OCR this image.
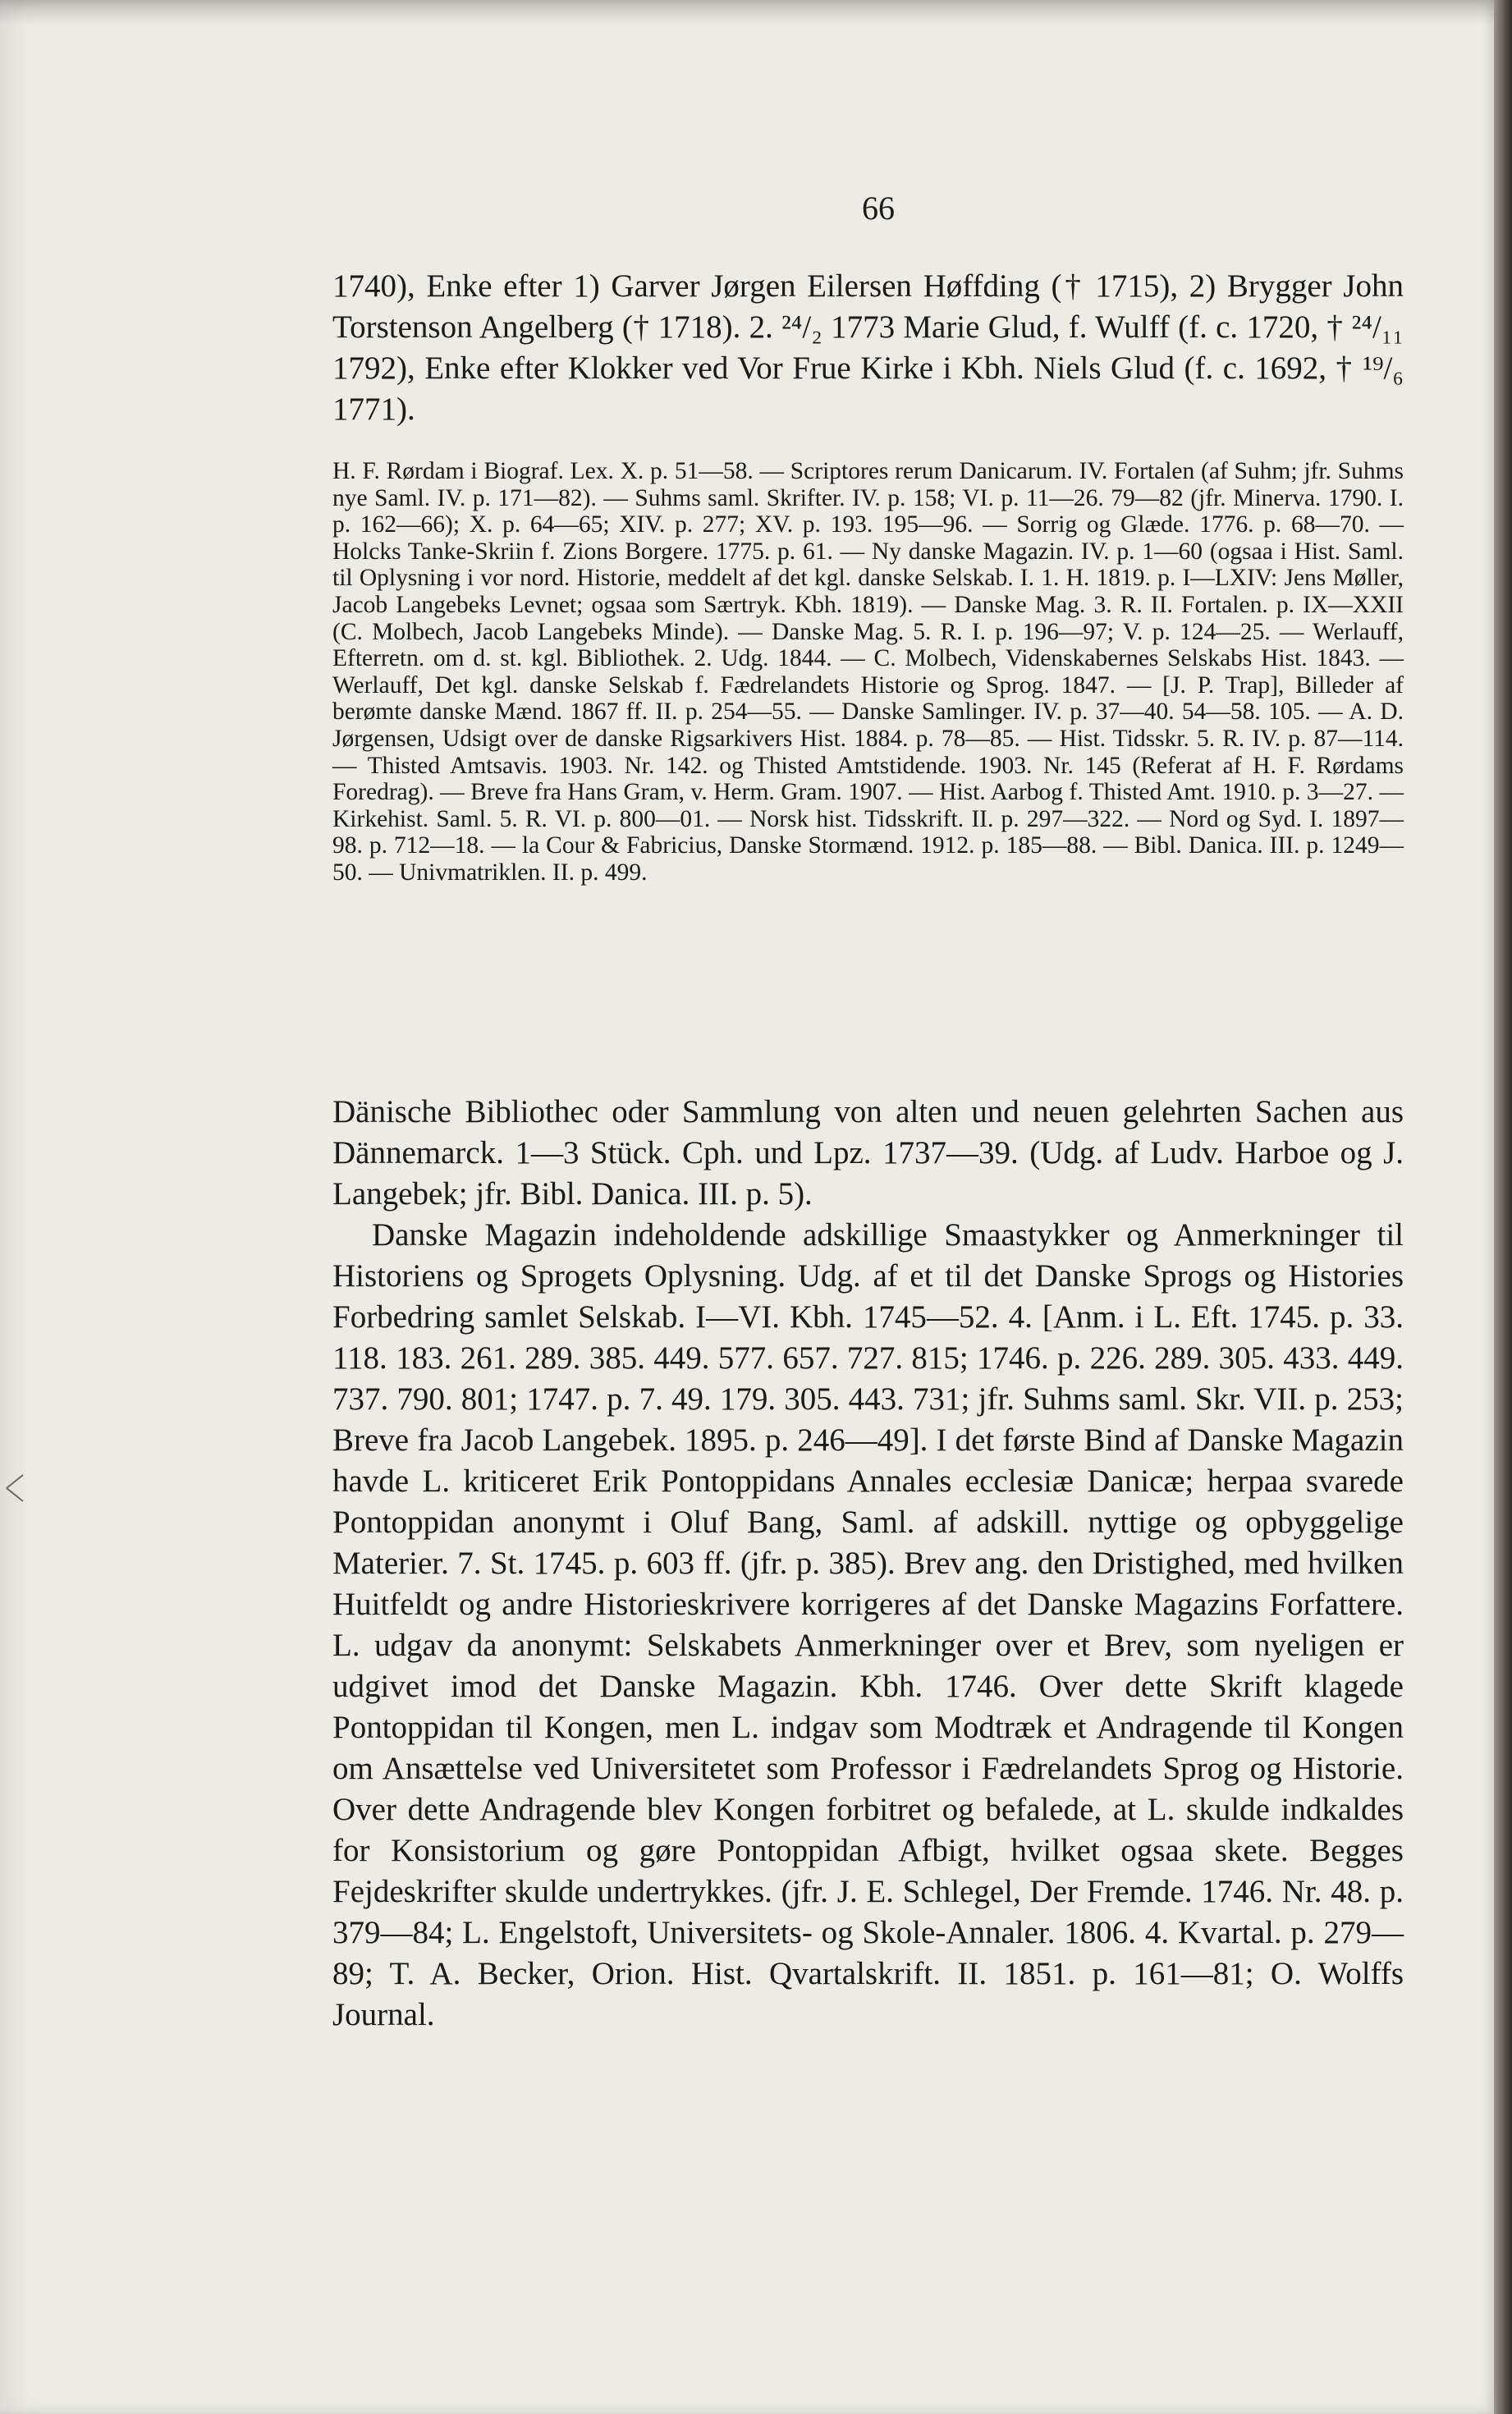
66

1740), Enke efter 1) Garver Jørgen Eilersen Høffding († 1715), 2) Brygger John Torstenson Angelberg († 1718). 2. ²⁴/₂ 1773 Marie Glud, f. Wulff (f. c. 1720, † ²⁴/₁₁ 1792), Enke efter Klokker ved Vor Frue Kirke i Kbh. Niels Glud (f. c. 1692, † ¹⁹/₆ 1771).

H. F. Rørdam i Biograf. Lex. X. p. 51—58. — Scriptores rerum Danicarum. IV. Fortalen (af Suhm; jfr. Suhms nye Saml. IV. p. 171—82). — Suhms saml. Skrifter. IV. p. 158; VI. p. 11—26. 79—82 (jfr. Minerva. 1790. I. p. 162—66); X. p. 64—65; XIV. p. 277; XV. p. 193. 195—96. — Sorrig og Glæde. 1776. p. 68—70. — Holcks Tanke-Skriin f. Zions Borgere. 1775. p. 61. — Ny danske Magazin. IV. p. 1—60 (ogsaa i Hist. Saml. til Oplysning i vor nord. Historie, meddelt af det kgl. danske Selskab. I. 1. H. 1819. p. I—LXIV: Jens Møller, Jacob Langebeks Levnet; ogsaa som Særtryk. Kbh. 1819). — Danske Mag. 3. R. II. Fortalen. p. IX—XXII (C. Molbech, Jacob Langebeks Minde). — Danske Mag. 5. R. I. p. 196—97; V. p. 124—25. — Werlauff, Efterretn. om d. st. kgl. Bibliothek. 2. Udg. 1844. — C. Molbech, Videnskabernes Selskabs Hist. 1843. — Werlauff, Det kgl. danske Selskab f. Fædrelandets Historie og Sprog. 1847. — [J. P. Trap], Billeder af berømte danske Mænd. 1867 ff. II. p. 254—55. — Danske Samlinger. IV. p. 37—40. 54—58. 105. — A. D. Jørgensen, Udsigt over de danske Rigsarkivers Hist. 1884. p. 78—85. — Hist. Tidsskr. 5. R. IV. p. 87—114. — Thisted Amtsavis. 1903. Nr. 142. og Thisted Amtstidende. 1903. Nr. 145 (Referat af H. F. Rørdams Foredrag). — Breve fra Hans Gram, v. Herm. Gram. 1907. — Hist. Aarbog f. Thisted Amt. 1910. p. 3—27. — Kirkehist. Saml. 5. R. VI. p. 800—01. — Norsk hist. Tidsskrift. II. p. 297—322. — Nord og Syd. I. 1897—98. p. 712—18. — la Cour & Fabricius, Danske Stormænd. 1912. p. 185—88. — Bibl. Danica. III. p. 1249—50. — Univmatriklen. II. p. 499.

Dänische Bibliothec oder Sammlung von alten und neuen gelehrten Sachen aus Dännemarck. 1—3 Stück. Cph. und Lpz. 1737—39. (Udg. af Ludv. Harboe og J. Langebek; jfr. Bibl. Danica. III. p. 5).

Danske Magazin indeholdende adskillige Smaastykker og Anmerkninger til Historiens og Sprogets Oplysning. Udg. af et til det Danske Sprogs og Histories Forbedring samlet Selskab. I—VI. Kbh. 1745—52. 4. [Anm. i L. Eft. 1745. p. 33. 118. 183. 261. 289. 385. 449. 577. 657. 727. 815; 1746. p. 226. 289. 305. 433. 449. 737. 790. 801; 1747. p. 7. 49. 179. 305. 443. 731; jfr. Suhms saml. Skr. VII. p. 253; Breve fra Jacob Langebek. 1895. p. 246—49]. I det første Bind af Danske Magazin havde L. kriticeret Erik Pontoppidans Annales ecclesiæ Danicæ; herpaa svarede Pontoppidan anonymt i Oluf Bang, Saml. af adskill. nyttige og opbyggelige Materier. 7. St. 1745. p. 603 ff. (jfr. p. 385). Brev ang. den Dristighed, med hvilken Huitfeldt og andre Historieskrivere korrigeres af det Danske Magazins Forfattere. L. udgav da anonymt: Selskabets Anmerkninger over et Brev, som nyeligen er udgivet imod det Danske Magazin. Kbh. 1746. Over dette Skrift klagede Pontoppidan til Kongen, men L. indgav som Modtræk et Andragende til Kongen om Ansættelse ved Universitetet som Professor i Fædrelandets Sprog og Historie. Over dette Andragende blev Kongen forbitret og befalede, at L. skulde indkaldes for Konsistorium og gøre Pontoppidan Afbigt, hvilket ogsaa skete. Begges Fejdeskrifter skulde undertrykkes. (jfr. J. E. Schlegel, Der Fremde. 1746. Nr. 48. p. 379—84; L. Engelstoft, Universitets- og Skole-Annaler. 1806. 4. Kvartal. p. 279—89; T. A. Becker, Orion. Hist. Qvartalskrift. II. 1851. p. 161—81; O. Wolffs Journal.
